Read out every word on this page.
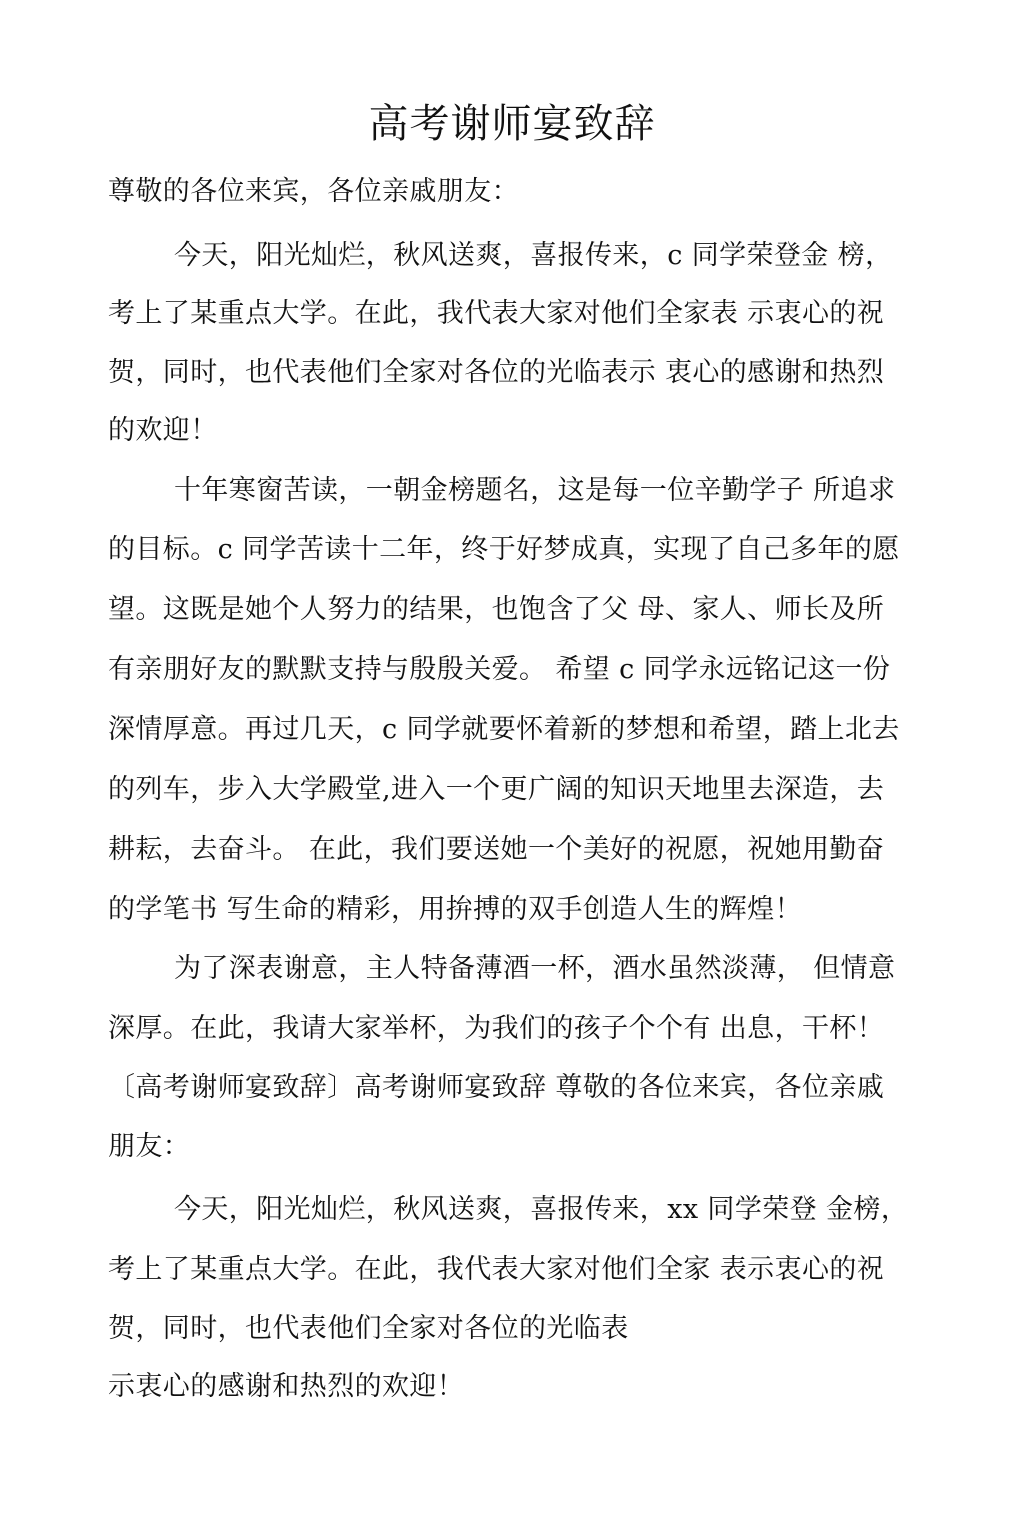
高考谢师宴致辞
尊敬的各位来宾，各位亲戚朋友：
今天，阳光灿烂，秋风送爽，喜报传来，c 同学荣登金 榜，
考上了某重点大学。在此，我代表大家对他们全家表 示衷心的祝
贺，同时，也代表他们全家对各位的光临表示 衷心的感谢和热烈
的欢迎！
十年寒窗苦读，一朝金榜题名，这是每一位辛勤学子 所追求
的目标。c 同学苦读十二年，终于好梦成真，实现了自己多年的愿
望。这既是她个人努力的结果，也饱含了父 母、家人、师长及所
有亲朋好友的默默支持与殷殷关爱。 希望 c 同学永远铭记这一份
深情厚意。再过几天，c 同学就要怀着新的梦想和希望，踏上北去
的列车，步入大学殿堂,进入一个更广阔的知识天地里去深造，去
耕耘，去奋斗。 在此，我们要送她一个美好的祝愿，祝她用勤奋
的学笔书 写生命的精彩，用拚搏的双手创造人生的辉煌！
为了深表谢意，主人特备薄酒一杯，酒水虽然淡薄， 但情意
深厚。在此，我请大家举杯，为我们的孩子个个有 出息，干杯！
〔高考谢师宴致辞〕高考谢师宴致辞 尊敬的各位来宾，各位亲戚
朋友：
今天，阳光灿烂，秋风送爽，喜报传来，xx 同学荣登 金榜，
考上了某重点大学。在此，我代表大家对他们全家 表示衷心的祝
贺，同时，也代表他们全家对各位的光临表
示衷心的感谢和热烈的欢迎！
